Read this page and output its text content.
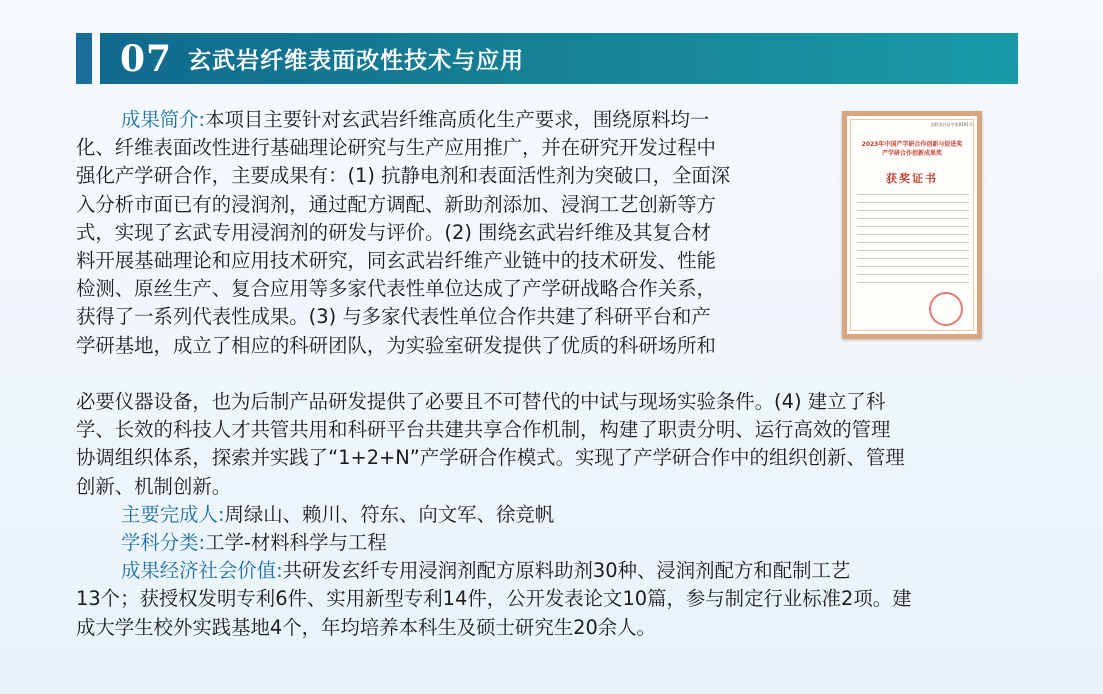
07 玄武岩纤维表面改性技术与应用
成果简介:本项目主要针对玄武岩纤维高质化生产要求，围绕原料均一
化、纤维表面改性进行基础理论研究与生产应用推广，并在研究开发过程中
强化产学研合作，主要成果有：(1) 抗静电剂和表面活性剂为突破口，全面深
入分析市面已有的浸润剂，通过配方调配、新助剂添加、浸润工艺创新等方
式，实现了玄武专用浸润剂的研发与评价。(2) 围绕玄武岩纤维及其复合材
料开展基础理论和应用技术研究，同玄武岩纤维产业链中的技术研发、性能
检测、原丝生产、复合应用等多家代表性单位达成了产学研战略合作关系，
获得了一系列代表性成果。(3) 与多家代表性单位合作共建了科研平台和产
学研基地，成立了相应的科研团队，为实验室研发提供了优质的科研场所和
必要仪器设备，也为后制产品研发提供了必要且不可替代的中试与现场实验条件。(4) 建立了科
学、长效的科技人才共管共用和科研平台共建共享合作机制，构建了职责分明、运行高效的管理
协调组织体系，探索并实践了“1+2+N”产学研合作模式。实现了产学研合作中的组织创新、管理
创新、机制创新。
主要完成人:周绿山、赖川、符东、向文军、徐竞帆
学科分类:工学-材料科学与工程
成果经济社会价值:共研发玄纤专用浸润剂配方原料助剂30种、浸润剂配方和配制工艺
13个；获授权发明专利6件、实用新型专利14件，公开发表论文10篇，参与制定行业标准2项。建
成大学生校外实践基地4个，年均培养本科生及硕士研究生20余人。
国科奖社证字第0191号
2023年中国产学研合作创新与促进奖
产学研合作创新成果奖
获奖证书
